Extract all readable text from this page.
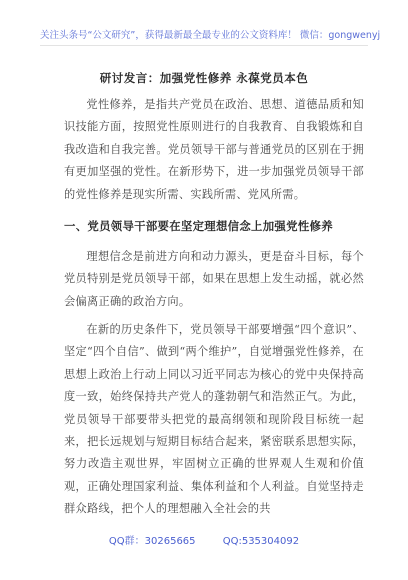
关注头条号“公文研究”，获得最新最全最专业的公文资料库！ 微信：gongwenyj
研讨发言：加强党性修养 永葆党员本色
党性修养，是指共产党员在政治、思想、道德品质和知识技能方面，按照党性原则进行的自我教育、自我锻炼和自我改造和自我完善。党员领导干部与普通党员的区别在于拥有更加坚强的党性。在新形势下，进一步加强党员领导干部的党性修养是现实所需、实践所需、党风所需。
一、党员领导干部要在坚定理想信念上加强党性修养
理想信念是前进方向和动力源头，更是奋斗目标，每个党员特别是党员领导干部，如果在思想上发生动摇，就必然会偏离正确的政治方向。
在新的历史条件下，党员领导干部要增强“四个意识”、坚定“四个自信”、做到“两个维护”，自觉增强党性修养，在思想上政治上行动上同以习近平同志为核心的党中央保持高度一致，始终保持共产党人的蓬勃朝气和浩然正气。为此，党员领导干部要带头把党的最高纲领和现阶段目标统一起来，把长远规划与短期目标结合起来，紧密联系思想实际，努力改造主观世界，牢固树立正确的世界观人生观和价值观，正确处理国家利益、集体利益和个人利益。自觉坚持走群众路线，把个人的理想融入全社会的共
QQ群：30265665	QQ:535304092
